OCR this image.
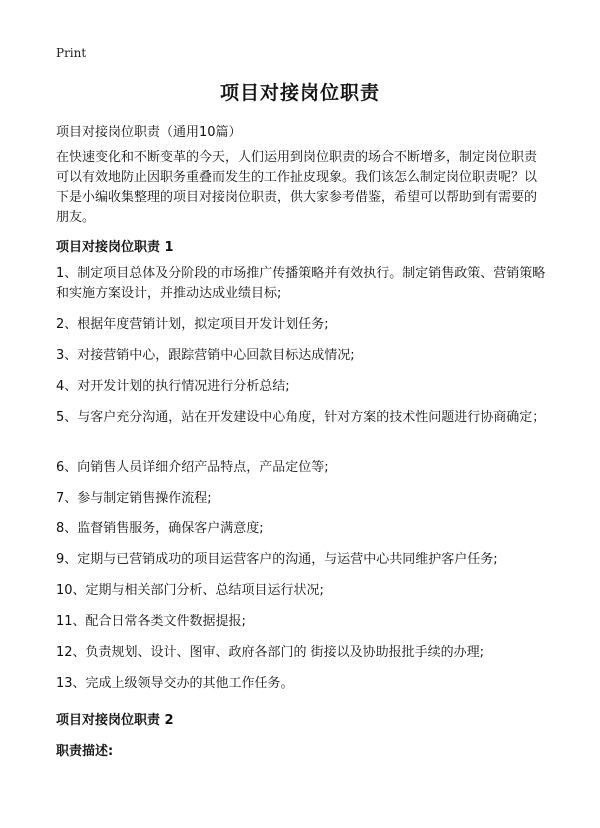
Print
项目对接岗位职责
项目对接岗位职责（通用10篇）

在快速变化和不断变革的今天，人们运用到岗位职责的场合不断增多，制定岗位职责可以有效地防止因职务重叠而发生的工作扯皮现象。我们该怎么制定岗位职责呢？以下是小编收集整理的项目对接岗位职责，供大家参考借鉴，希望可以帮助到有需要的朋友。

项目对接岗位职责 1

1、制定项目总体及分阶段的市场推广传播策略并有效执行。制定销售政策、营销策略和实施方案设计，并推动达成业绩目标;

2、根据年度营销计划，拟定项目开发计划任务;

3、对接营销中心，跟踪营销中心回款目标达成情况;

4、对开发计划的执行情况进行分析总结;

5、与客户充分沟通，站在开发建设中心角度，针对方案的技术性问题进行协商确定；

6、向销售人员详细介绍产品特点，产品定位等;

7、参与制定销售操作流程;

8、监督销售服务，确保客户满意度;

9、定期与已营销成功的项目运营客户的沟通，与运营中心共同维护客户任务;

10、定期与相关部门分析、总结项目运行状况;

11、配合日常各类文件数据提报;

12、负责规划、设计、图审、政府各部门的 街接以及协助报批手续的办理;

13、完成上级领导交办的其他工作任务。

项目对接岗位职责 2
职责描述:
